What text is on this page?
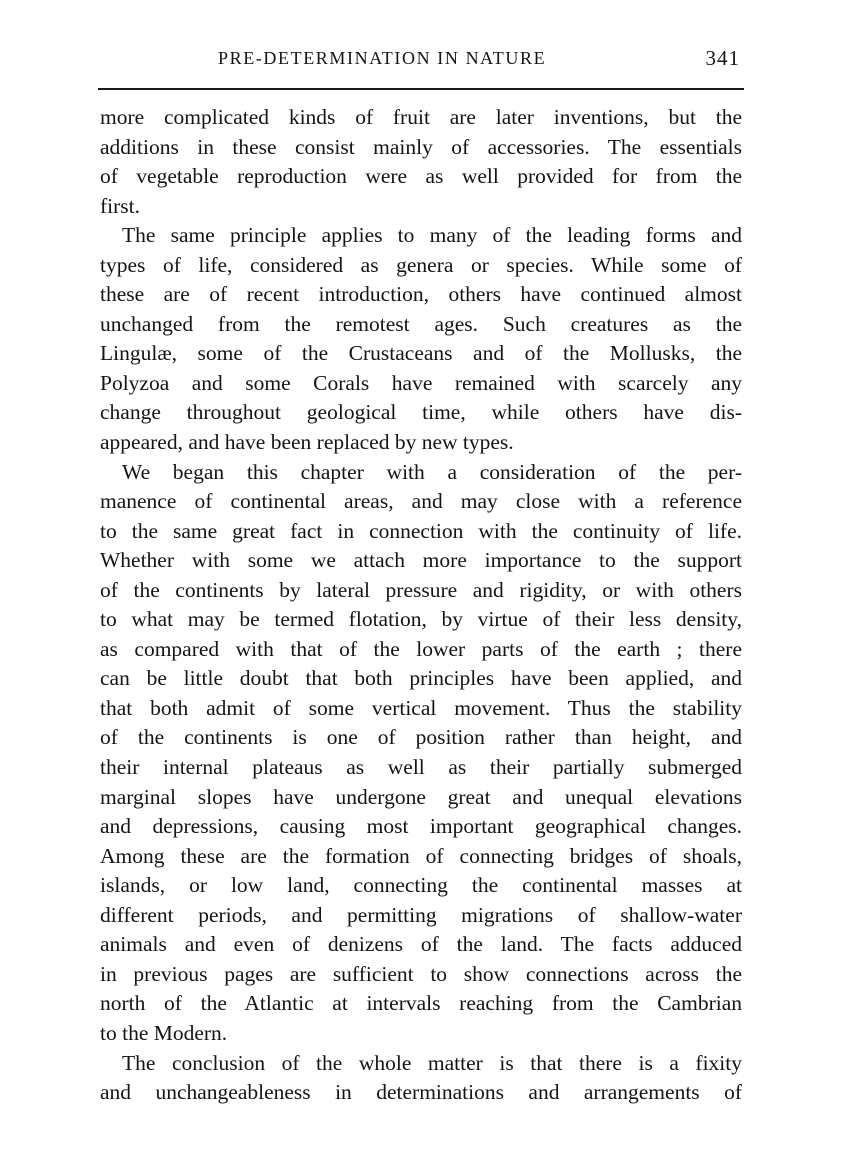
PRE-DETERMINATION IN NATURE	341
more complicated kinds of fruit are later inventions, but the
additions in these consist mainly of accessories. The essentials
of vegetable reproduction were as well provided for from the
first.
The same principle applies to many of the leading forms and
types of life, considered as genera or species. While some of
these are of recent introduction, others have continued almost
unchanged from the remotest ages. Such creatures as the
Lingulæ, some of the Crustaceans and of the Mollusks, the
Polyzoa and some Corals have remained with scarcely any
change throughout geological time, while others have dis-
appeared, and have been replaced by new types.
We began this chapter with a consideration of the per-
manence of continental areas, and may close with a reference
to the same great fact in connection with the continuity of life.
Whether with some we attach more importance to the support
of the continents by lateral pressure and rigidity, or with others
to what may be termed flotation, by virtue of their less density,
as compared with that of the lower parts of the earth ; there
can be little doubt that both principles have been applied, and
that both admit of some vertical movement. Thus the stability
of the continents is one of position rather than height, and
their internal plateaus as well as their partially submerged
marginal slopes have undergone great and unequal elevations
and depressions, causing most important geographical changes.
Among these are the formation of connecting bridges of shoals,
islands, or low land, connecting the continental masses at
different periods, and permitting migrations of shallow-water
animals and even of denizens of the land. The facts adduced
in previous pages are sufficient to show connections across the
north of the Atlantic at intervals reaching from the Cambrian
to the Modern.
The conclusion of the whole matter is that there is a fixity
and unchangeableness in determinations and arrangements of
